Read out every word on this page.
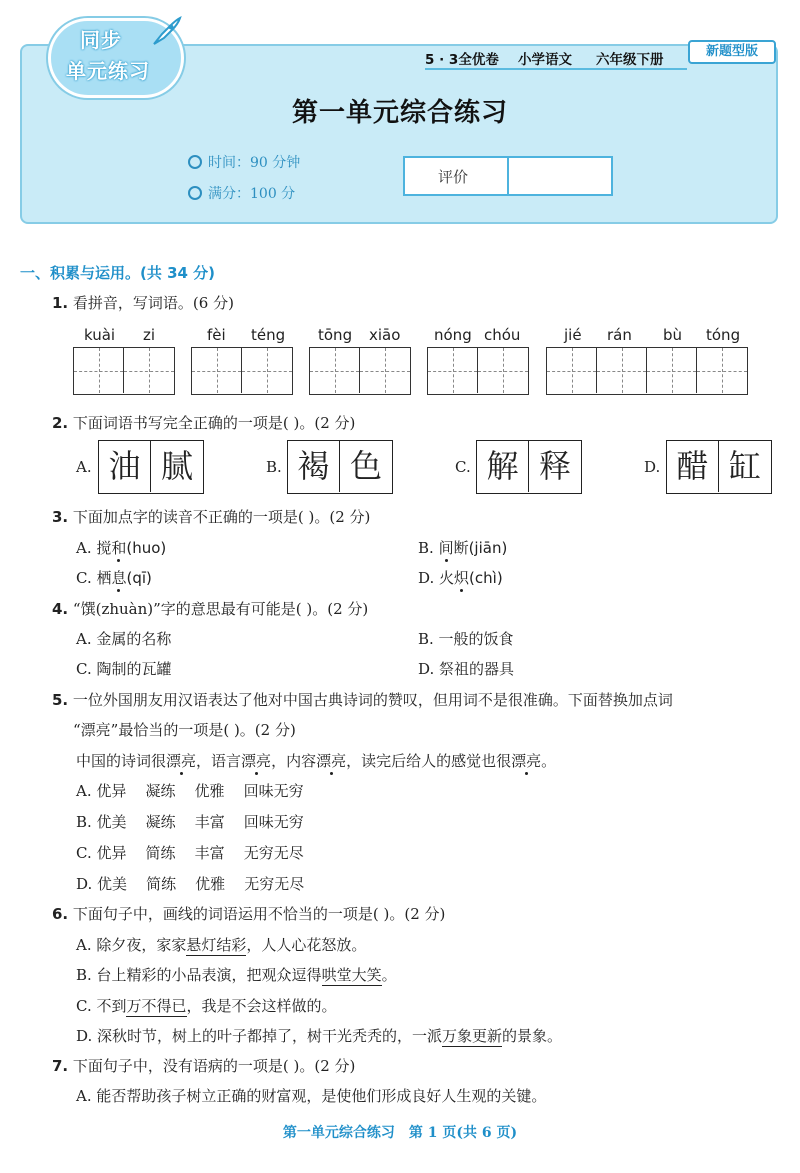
同步
单元练习	5 · 3全优卷 小学语文 六年级下册
新题型版
第一单元综合练习
时间：90 分钟
满分：100 分
评价
一、积累与运用。(共 34 分)
1. 看拼音，写词语。(6 分)
kuài zi	fèi téng tōng xiāo nóng chóu	jié rán bù tóng
2. 下面词语书写完全正确的一项是( )。(2 分)
A. 油 腻	B. 褐 色	C. 解 释	D. 醋 缸
3. 下面加点字的读音不正确的一项是( )。(2 分)
A. 搅和(huo)	B. 间断(jiān)
C. 栖息(qī)	D. 火炽(chì)
4. “馔(zhuàn)”字的意思最有可能是( )。(2 分)
A. 金属的名称	B. 一般的饭食
C. 陶制的瓦罐	D. 祭祖的器具
5. 一位外国朋友用汉语表达了他对中国古典诗词的赞叹，但用词不是很准确。下面替换加点词
“漂亮”最恰当的一项是( )。(2 分)
中国的诗词很漂亮，语言漂亮，内容漂亮，读完后给人的感觉也很漂亮。
A. 优异    凝练    优雅    回味无穷
B. 优美    凝练    丰富    回味无穷
C. 优异    简练    丰富    无穷无尽
D. 优美    简练    优雅    无穷无尽
6. 下面句子中，画线的词语运用不恰当的一项是( )。(2 分)
A. 除夕夜，家家悬灯结彩，人人心花怒放。
B. 台上精彩的小品表演，把观众逗得哄堂大笑。
C. 不到万不得已，我是不会这样做的。
D. 深秋时节，树上的叶子都掉了，树干光秃秃的，一派万象更新的景象。
7. 下面句子中，没有语病的一项是( )。(2 分)
A. 能否帮助孩子树立正确的财富观，是使他们形成良好人生观的关键。
第一单元综合练习　第 1 页(共 6 页)
